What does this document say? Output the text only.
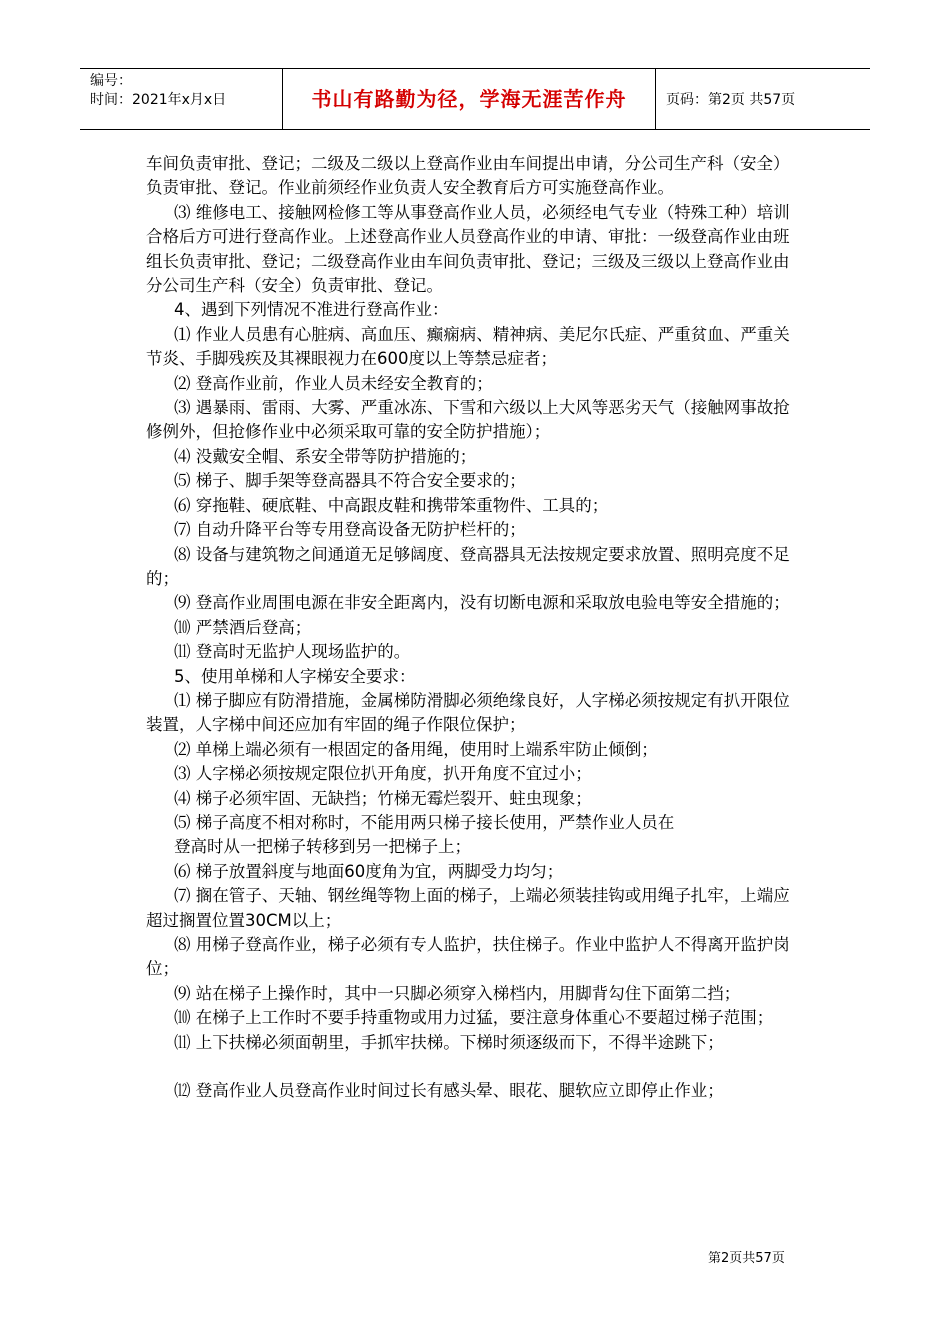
编号：
时间：2021年x月x日	书山有路勤为径，学海无涯苦作舟	页码：第2页 共57页

车间负责审批、登记；二级及二级以上登高作业由车间提出申请，分公司生产科（安全）负责审批、登记。作业前须经作业负责人安全教育后方可实施登高作业。

⑶ 维修电工、接触网检修工等从事登高作业人员，必须经电气专业（特殊工种）培训合格后方可进行登高作业。上述登高作业人员登高作业的申请、审批：一级登高作业由班组长负责审批、登记；二级登高作业由车间负责审批、登记；三级及三级以上登高作业由分公司生产科（安全）负责审批、登记。

4、遇到下列情况不准进行登高作业：

⑴ 作业人员患有心脏病、高血压、癫痫病、精神病、美尼尔氏症、严重贫血、严重关节炎、手脚残疾及其裸眼视力在600度以上等禁忌症者；

⑵ 登高作业前，作业人员未经安全教育的；

⑶ 遇暴雨、雷雨、大雾、严重冰冻、下雪和六级以上大风等恶劣天气（接触网事故抢修例外，但抢修作业中必须采取可靠的安全防护措施）；

⑷ 没戴安全帽、系安全带等防护措施的；

⑸ 梯子、脚手架等登高器具不符合安全要求的；

⑹ 穿拖鞋、硬底鞋、中高跟皮鞋和携带笨重物件、工具的；

⑺ 自动升降平台等专用登高设备无防护栏杆的；

⑻ 设备与建筑物之间通道无足够阔度、登高器具无法按规定要求放置、照明亮度不足的；

⑼ 登高作业周围电源在非安全距离内，没有切断电源和采取放电验电等安全措施的；

⑽ 严禁酒后登高；

⑾ 登高时无监护人现场监护的。

5、使用单梯和人字梯安全要求：

⑴ 梯子脚应有防滑措施，金属梯防滑脚必须绝缘良好，人字梯必须按规定有扒开限位装置，人字梯中间还应加有牢固的绳子作限位保护；

⑵ 单梯上端必须有一根固定的备用绳，使用时上端系牢防止倾倒；

⑶ 人字梯必须按规定限位扒开角度，扒开角度不宜过小；

⑷ 梯子必须牢固、无缺挡；竹梯无霉烂裂开、蛀虫现象；

⑸ 梯子高度不相对称时，不能用两只梯子接长使用，严禁作业人员在

登高时从一把梯子转移到另一把梯子上；

⑹ 梯子放置斜度与地面60度角为宜，两脚受力均匀；

⑺ 搁在管子、天轴、钢丝绳等物上面的梯子，上端必须装挂钩或用绳子扎牢，上端应超过搁置位置30CM以上；

⑻ 用梯子登高作业，梯子必须有专人监护，扶住梯子。作业中监护人不得离开监护岗位；

⑼ 站在梯子上操作时，其中一只脚必须穿入梯档内，用脚背勾住下面第二挡；

⑽ 在梯子上工作时不要手持重物或用力过猛，要注意身体重心不要超过梯子范围；

⑾ 上下扶梯必须面朝里，手抓牢扶梯。下梯时须逐级而下，不得半途跳下；

⑿ 登高作业人员登高作业时间过长有感头晕、眼花、腿软应立即停止作业；

第2页共57页
